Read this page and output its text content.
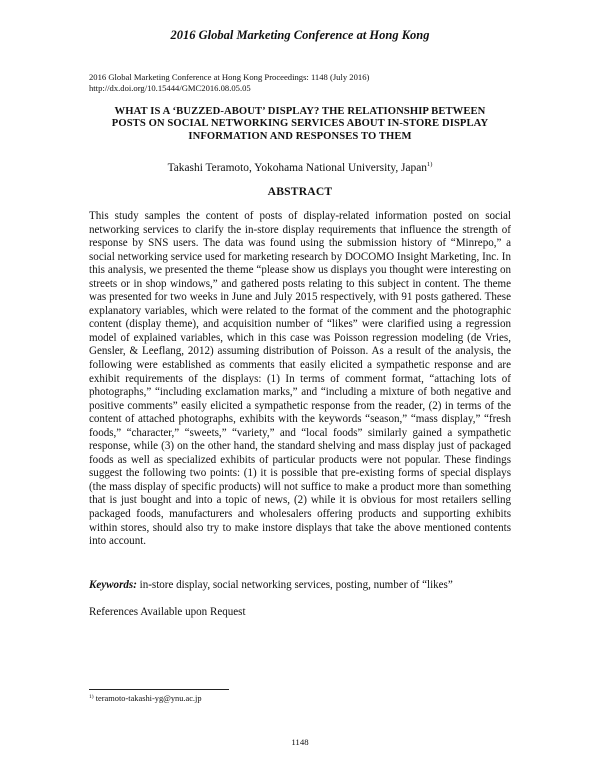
2016 Global Marketing Conference at Hong Kong
2016 Global Marketing Conference at Hong Kong Proceedings: 1148 (July 2016)
http://dx.doi.org/10.15444/GMC2016.08.05.05
WHAT IS A ‘BUZZED-ABOUT’ DISPLAY? THE RELATIONSHIP BETWEEN
POSTS ON SOCIAL NETWORKING SERVICES ABOUT IN-STORE DISPLAY
INFORMATION AND RESPONSES TO THEM
Takashi Teramoto, Yokohama National University, Japan$^{1)}$
ABSTRACT

This study samples the content of posts of display-related information posted on social networking services to clarify the in-store display requirements that influence the strength of response by SNS users. The data was found using the submission history of “Minrepo,” a social networking service used for marketing research by DOCOMO Insight Marketing, Inc. In this analysis, we presented the theme “please show us displays you thought were interesting on streets or in shop windows,” and gathered posts relating to this subject in content. The theme was presented for two weeks in June and July 2015 respectively, with 91 posts gathered. These explanatory variables, which were related to the format of the comment and the photographic content (display theme), and acquisition number of “likes” were clarified using a regression model of explained variables, which in this case was Poisson regression modeling (de Vries, Gensler, & Leeflang, 2012) assuming distribution of Poisson. As a result of the analysis, the following were established as comments that easily elicited a sympathetic response and are exhibit requirements of the displays: (1) In terms of comment format, “attaching lots of photographs,” “including exclamation marks,” and “including a mixture of both negative and positive comments” easily elicited a sympathetic response from the reader, (2) in terms of the content of attached photographs, exhibits with the keywords “season,” “mass display,” “fresh foods,” “character,” “sweets,” “variety,” and “local foods” similarly gained a sympathetic response, while (3) on the other hand, the standard shelving and mass display just of packaged foods as well as specialized exhibits of particular products were not popular. These findings suggest the following two points: (1) it is possible that pre-existing forms of special displays (the mass display of specific products) will not suffice to make a product more than something that is just bought and into a topic of news, (2) while it is obvious for most retailers selling packaged foods, manufacturers and wholesalers offering products and supporting exhibits within stores, should also try to make instore displays that take the above mentioned contents into account.

Keywords: in-store display, social networking services, posting, number of “likes”
References Available upon Request
$^{1)}$ teramoto-takashi-yg@ynu.ac.jp
1148
